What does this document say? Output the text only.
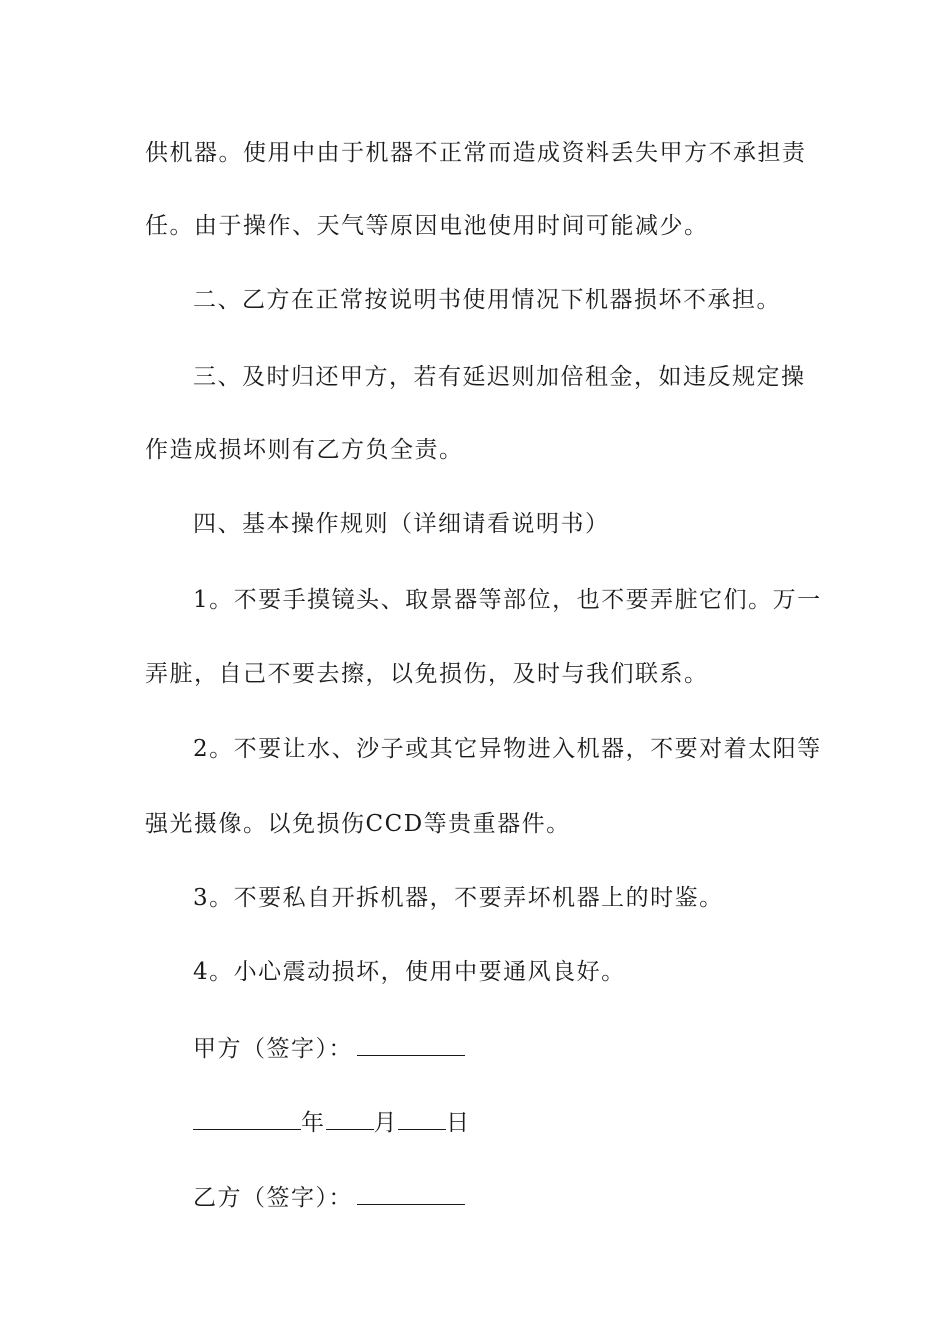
供机器。使用中由于机器不正常而造成资料丢失甲方不承担责
任。由于操作、天气等原因电池使用时间可能减少。
二、乙方在正常按说明书使用情况下机器损坏不承担。
三、及时归还甲方，若有延迟则加倍租金，如违反规定操
作造成损坏则有乙方负全责。
四、基本操作规则（详细请看说明书）
1。不要手摸镜头、取景器等部位，也不要弄脏它们。万一
弄脏，自己不要去擦，以免损伤，及时与我们联系。
2。不要让水、沙子或其它异物进入机器，不要对着太阳等
强光摄像。以免损伤CCD等贵重器件。
3。不要私自开拆机器，不要弄坏机器上的时鉴。
4。小心震动损坏，使用中要通风良好。
甲方（签字）：
年 月 日
乙方（签字）：
